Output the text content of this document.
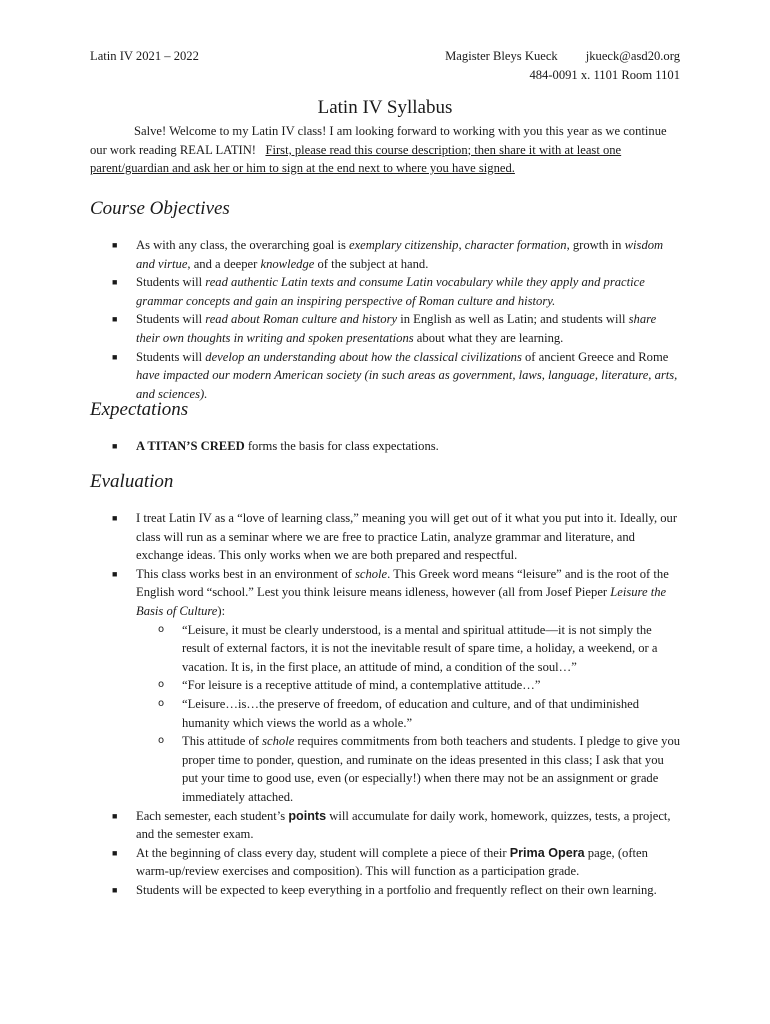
Latin IV 2021 – 2022	Magister Bleys Kueck jkueck@asd20.org
484-0091 x. 1101 Room 1101
Latin IV Syllabus
Salve! Welcome to my Latin IV class! I am looking forward to working with you this year as we continue our work reading REAL LATIN! First, please read this course description; then share it with at least one parent/guardian and ask her or him to sign at the end next to where you have signed.
Course Objectives
■ As with any class, the overarching goal is exemplary citizenship, character formation, growth in wisdom and virtue, and a deeper knowledge of the subject at hand.
■ Students will read authentic Latin texts and consume Latin vocabulary while they apply and practice grammar concepts and gain an inspiring perspective of Roman culture and history.
■ Students will read about Roman culture and history in English as well as Latin; and students will share their own thoughts in writing and spoken presentations about what they are learning.
■ Students will develop an understanding about how the classical civilizations of ancient Greece and Rome have impacted our modern American society (in such areas as government, laws, language, literature, arts, and sciences).
Expectations
■ A TITAN’S CREED forms the basis for class expectations.
Evaluation
■ I treat Latin IV as a “love of learning class,” meaning you will get out of it what you put into it. Ideally, our class will run as a seminar where we are free to practice Latin, analyze grammar and literature, and exchange ideas. This only works when we are both prepared and respectful.
■ This class works best in an environment of schole. This Greek word means “leisure” and is the root of the English word “school.” Lest you think leisure means idleness, however (all from Josef Pieper Leisure the Basis of Culture):
o “Leisure, it must be clearly understood, is a mental and spiritual attitude—it is not simply the result of external factors, it is not the inevitable result of spare time, a holiday, a weekend, or a vacation. It is, in the first place, an attitude of mind, a condition of the soul…”
o “For leisure is a receptive attitude of mind, a contemplative attitude…”
o “Leisure…is…the preserve of freedom, of education and culture, and of that undiminished humanity which views the world as a whole.”
o This attitude of schole requires commitments from both teachers and students. I pledge to give you proper time to ponder, question, and ruminate on the ideas presented in this class; I ask that you put your time to good use, even (or especially!) when there may not be an assignment or grade immediately attached.
■ Each semester, each student’s points will accumulate for daily work, homework, quizzes, tests, a project, and the semester exam.
■ At the beginning of class every day, student will complete a piece of their Prima Opera page, (often warm-up/review exercises and composition). This will function as a participation grade.
■ Students will be expected to keep everything in a portfolio and frequently reflect on their own learning.
